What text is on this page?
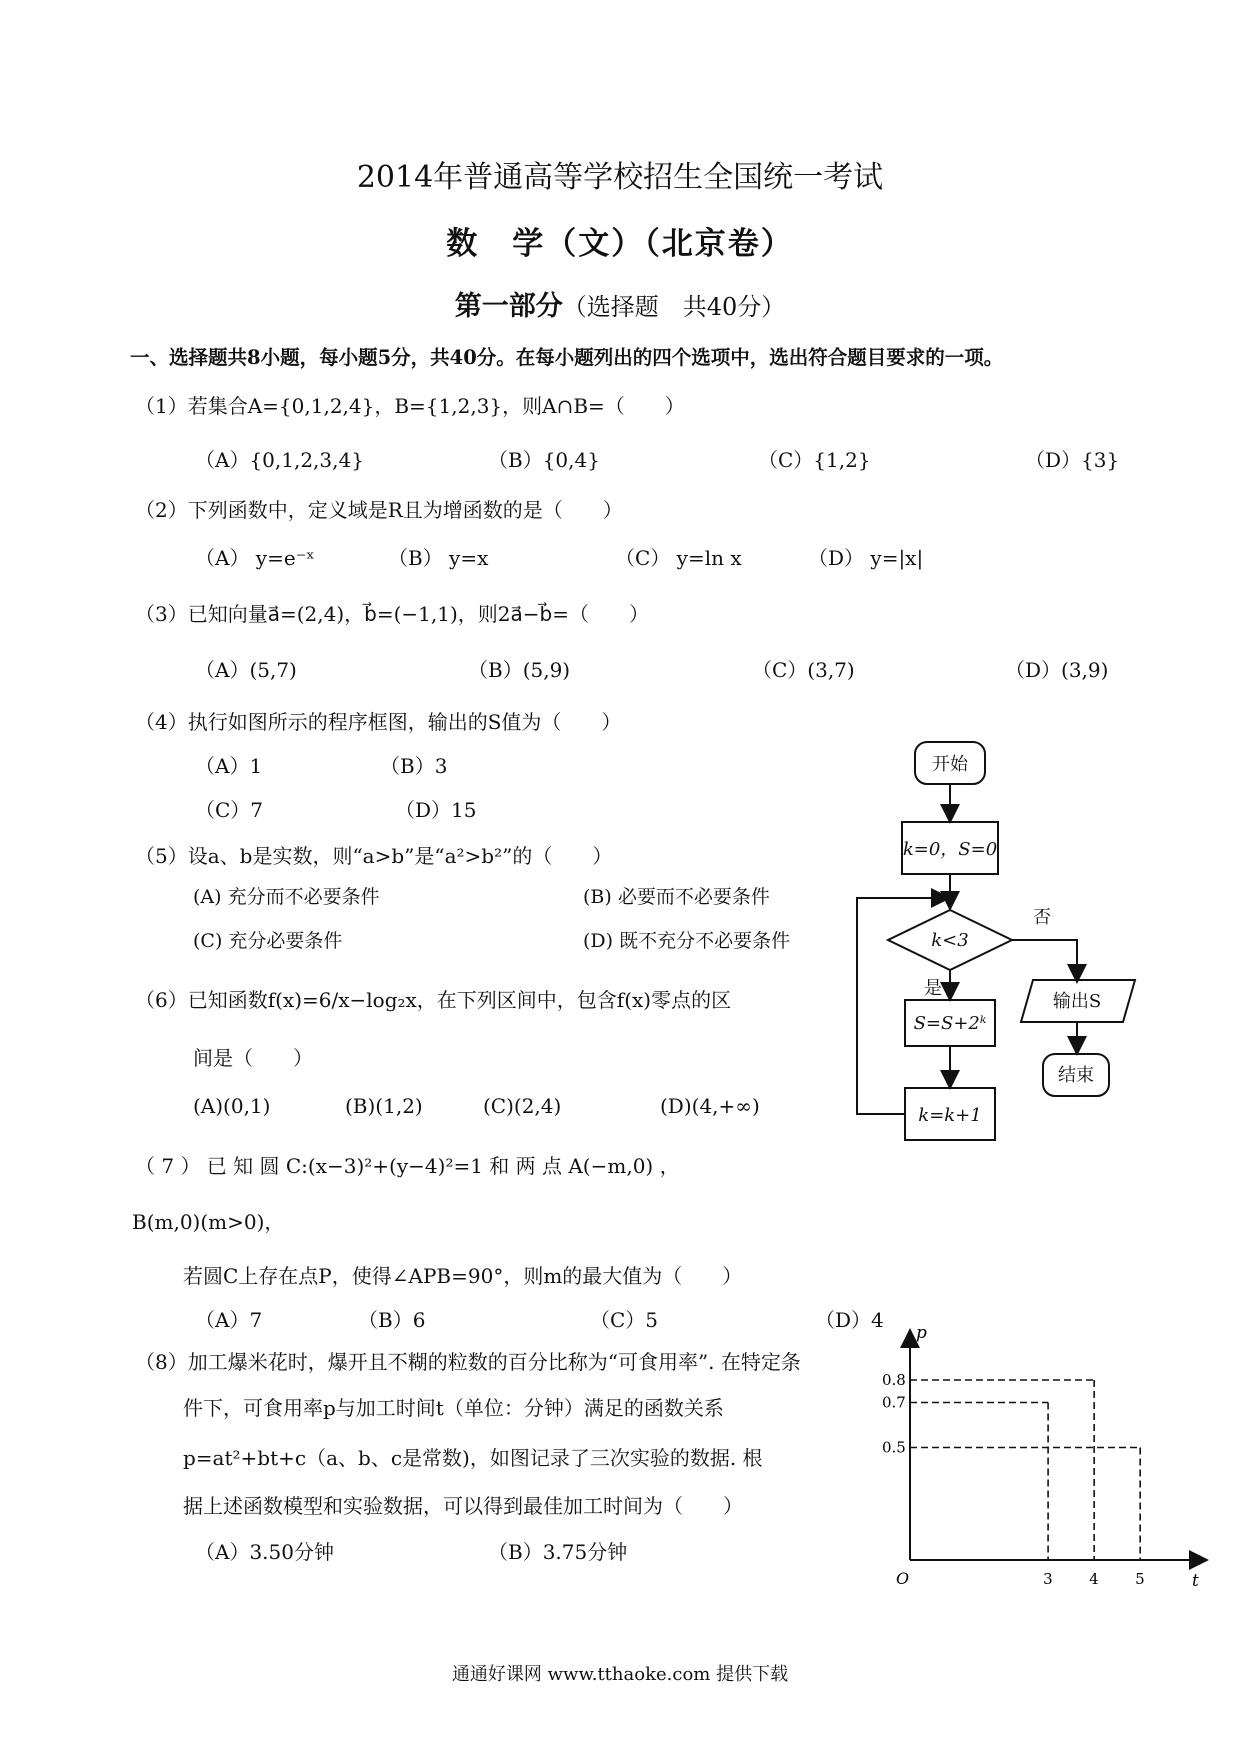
2014年普通高等学校招生全国统一考试
数　学（文）（北京卷）
第一部分（选择题　共40分）
一、选择题共8小题，每小题5分，共40分。在每小题列出的四个选项中，选出符合题目要求的一项。
（1）若集合A={0,1,2,4}，B={1,2,3}，则A∩B=（　　）
（A）{0,1,2,3,4}	（B）{0,4}	（C）{1,2}	（D）{3}
（2）下列函数中，定义域是R且为增函数的是（　　）
（A） y=e⁻ˣ	（B） y=x	（C） y=ln x	（D） y=|x|
（3）已知向量a⃗=(2,4)，b⃗=(−1,1)，则2a⃗−b⃗=（　　）
（A）(5,7)	（B）(5,9)	（C）(3,7)	（D）(3,9)
（4）执行如图所示的程序框图，输出的S值为（　　）
（A）1	（B）3
（C）7	（D）15
（5）设a、b是实数，则“a>b”是“a²>b²”的（　　）
(A) 充分而不必要条件	(B) 必要而不必要条件
(C) 充分必要条件	(D) 既不充分不必要条件
（6）已知函数f(x)=6/x−log₂x，在下列区间中，包含f(x)零点的区
间是（　　）
(A)(0,1)	(B)(1,2)	(C)(2,4)	(D)(4,+∞)
（ 7 ） 已 知 圆 C:(x−3)²+(y−4)²=1 和 两 点 A(−m,0) ，
B(m,0)(m>0)，
若圆C上存在点P，使得∠APB=90°，则m的最大值为（　　）
（A）7	（B）6	（C）5	（D）4
（8）加工爆米花时，爆开且不糊的粒数的百分比称为“可食用率”. 在特定条
件下，可食用率p与加工时间t（单位：分钟）满足的函数关系
p=at²+bt+c（a、b、c是常数)，如图记录了三次实验的数据. 根
据上述函数模型和实验数据，可以得到最佳加工时间为（　　）
（A）3.50分钟	（B）3.75分钟
开始
k=0，S=0
k<3
是
否
S=S+2ᵏ
k=k+1
输出S
结束
O	t
p
3 4 5
0.8
0.7
0.5
通通好课网 www.tthaoke.com 提供下载
